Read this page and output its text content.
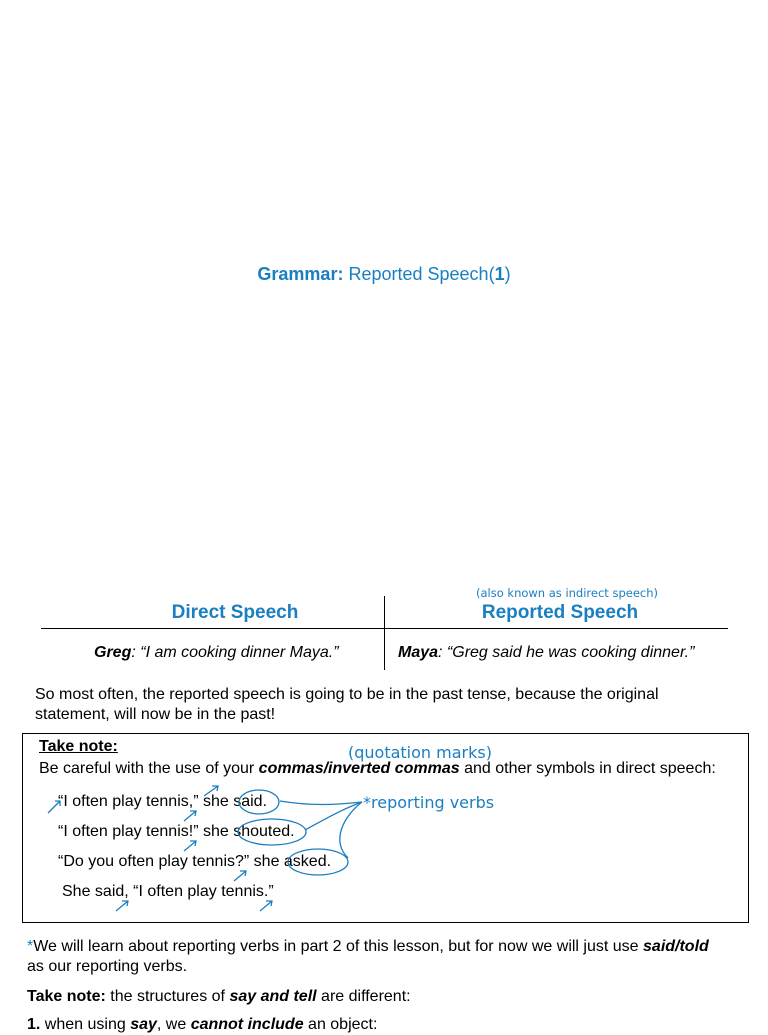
Grammar: Reported Speech(1)
(also known as indirect speech)
Direct Speech	Reported Speech
Greg: “I am cooking dinner Maya.”	Maya: “Greg said he was cooking dinner.”
So most often, the reported speech is going to be in the past tense, because the original
statement, will now be in the past!
Take note:	(quotation marks)
Be careful with the use of your commas/inverted commas and other symbols in direct speech:
“I often play tennis,” she said.
“I often play tennis!” she shouted.
“Do you often play tennis?” she asked.
She said, “I often play tennis.”
*reporting verbs
*We will learn about reporting verbs in part 2 of this lesson, but for now we will just use said/told
as our reporting verbs.
Take note: the structures of say and tell are different:
1. when using say, we cannot include an object:
